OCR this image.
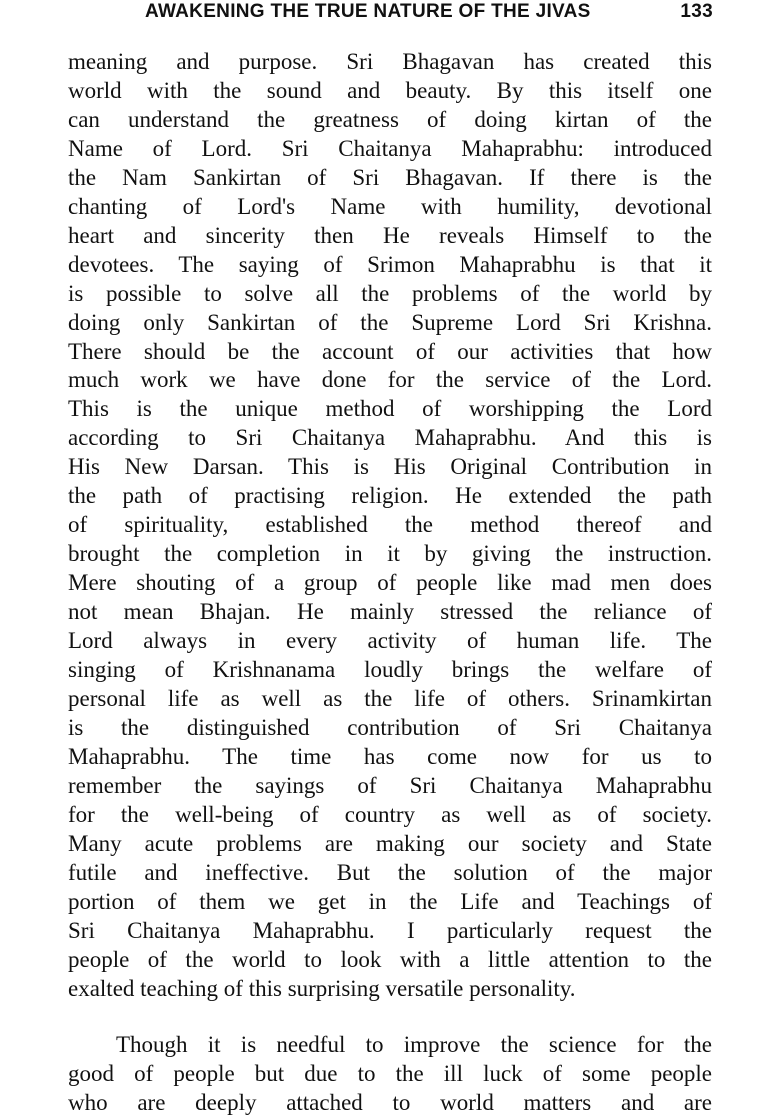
AWAKENING THE TRUE NATURE OF THE JIVAS	133
meaning and purpose. Sri Bhagavan has created this
world with the sound and beauty. By this itself one
can understand the greatness of doing kirtan of the
Name of Lord. Sri Chaitanya Mahaprabhu: introduced
the Nam Sankirtan of Sri Bhagavan. If there is the
chanting of Lord's Name with humility, devotional
heart and sincerity then He reveals Himself to the
devotees. The saying of Srimon Mahaprabhu is that it
is possible to solve all the problems of the world by
doing only Sankirtan of the Supreme Lord Sri Krishna.
There should be the account of our activities that how
much work we have done for the service of the Lord.
This is the unique method of worshipping the Lord
according to Sri Chaitanya Mahaprabhu. And this is
His New Darsan. This is His Original Contribution in
the path of practising religion. He extended the path
of spirituality, established the method thereof and
brought the completion in it by giving the instruction.
Mere shouting of a group of people like mad men does
not mean Bhajan. He mainly stressed the reliance of
Lord always in every activity of human life. The
singing of Krishnanama loudly brings the welfare of
personal life as well as the life of others. Srinamkirtan
is the distinguished contribution of Sri Chaitanya
Mahaprabhu. The time has come now for us to
remember the sayings of Sri Chaitanya Mahaprabhu
for the well-being of country as well as of society.
Many acute problems are making our society and State
futile and ineffective. But the solution of the major
portion of them we get in the Life and Teachings of
Sri Chaitanya Mahaprabhu. I particularly request the
people of the world to look with a little attention to the
exalted teaching of this surprising versatile personality.
Though it is needful to improve the science for the
good of people but due to the ill luck of some people
who are deeply attached to world matters and are
